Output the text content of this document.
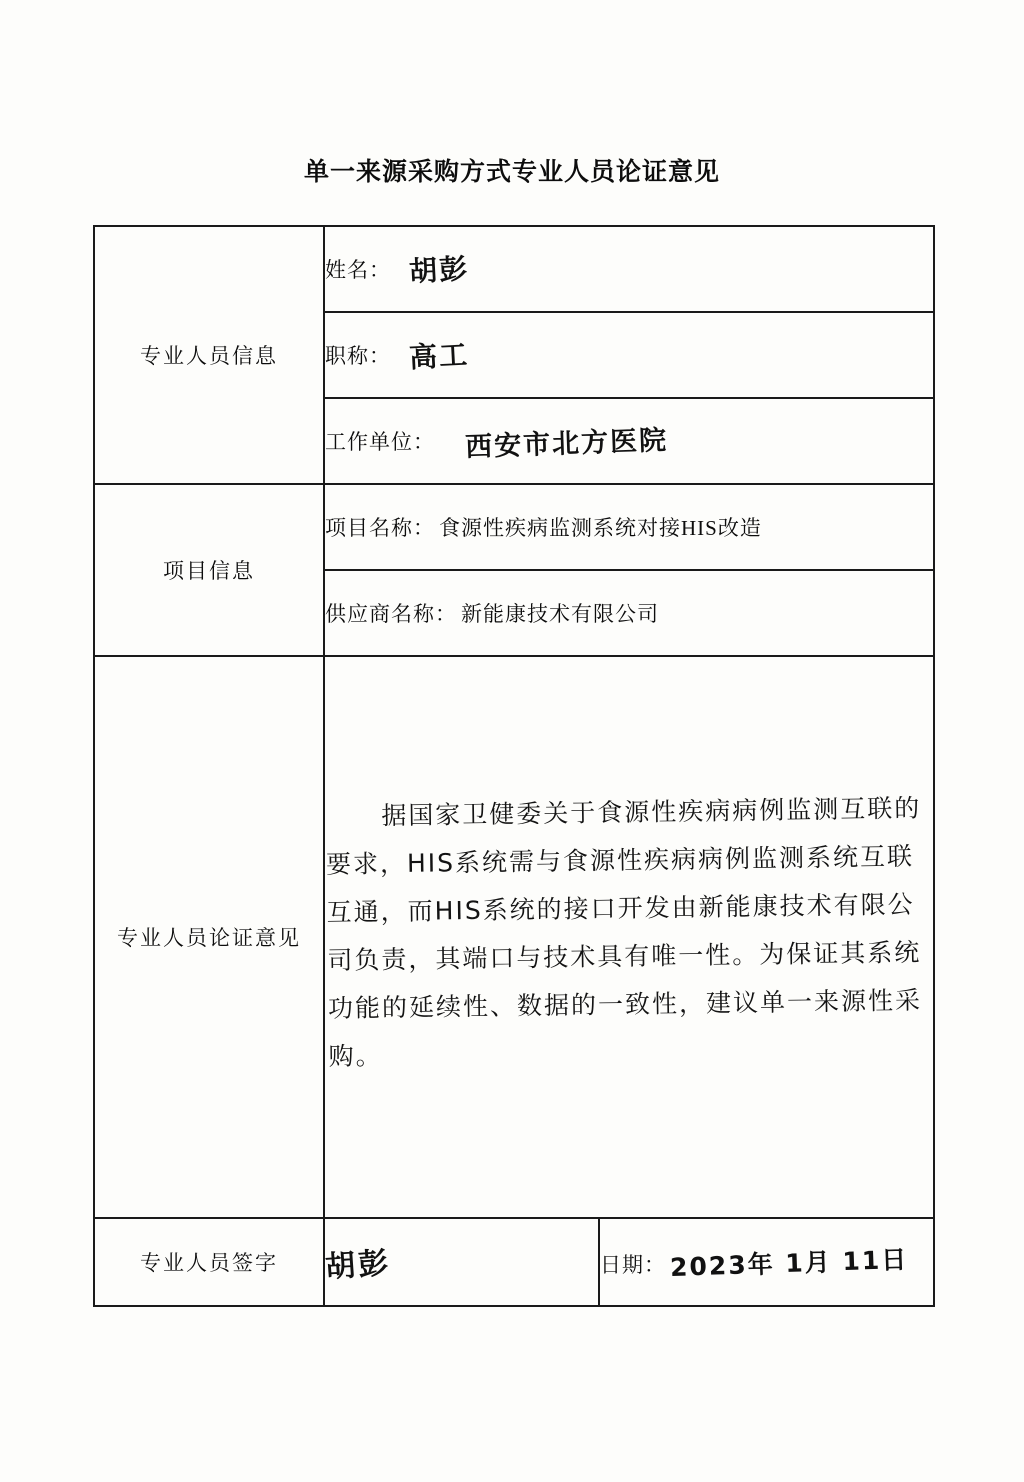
单一来源采购方式专业人员论证意见
专业人员信息	姓名： 胡彭	

	职称： 高工	

	工作单位： 西安市北方医院	

项目信息	项目名称： 食源性疾病监测系统对接HIS改造	

	供应商名称： 新能康技术有限公司	

专业人员论证意见	据国家卫健委关于食源性疾病病例监测互联的要求，HIS系统需与食源性疾病病例监测系统互联互通，而HIS系统的接口开发由新能康技术有限公司负责，其端口与技术具有唯一性。为保证其系统功能的延续性、数据的一致性，建议单一来源性采购。	

专业人员签字	胡彭	日期： 2023年 1月 11日
